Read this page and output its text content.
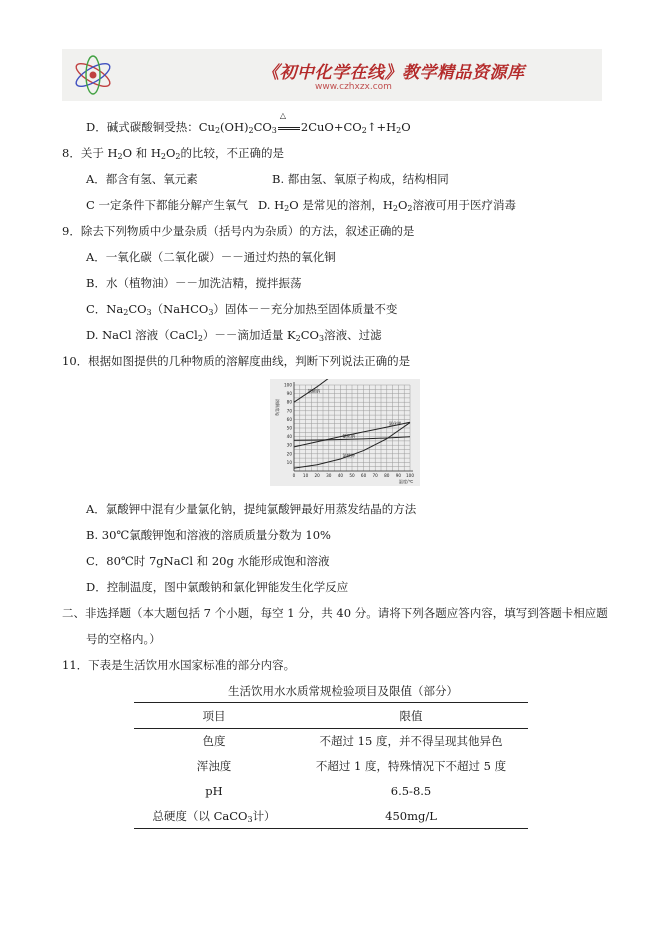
《初中化学在线》教学精品资源库
www.czhxzx.com
D．碱式碳酸铜受热：$Cu_2(OH)_2CO_3$
△
$2CuO+CO_2↑+H_2O$
8．关于 $H_2O$ 和 $H_2O_2$的比较，不正确的是
A．都含有氢、氧元素	B. 都由氢、氧原子构成，结构相同
C 一定条件下都能分解产生氧气 D. $H_2O$ 是常见的溶剂，$H_2O_2$溶液可用于医疗消毒
9．除去下列物质中少量杂质（括号内为杂质）的方法，叙述正确的是
A．一氧化碳（二氧化碳）－－通过灼热的氧化铜
B．水（植物油）－－加洗洁精，搅拌振荡
C．$Na_2CO_3(NaHCO_3)$固体－－充分加热至固体质量不变
D. NaCl 溶液（CaCl$_2$）－－滴加适量 $K_2CO_3$溶液、过滤
10．根据如图提供的几种物质的溶解度曲线，判断下列说法正确的是
0 10 20 30 40 50 60 70 80 90 100
10
20
30
40
50
60
70
80
90
100
温度/℃
溶解度/g
氯酸钠
氯化钾
氯化钠
氯酸钾
A．氯酸钾中混有少量氯化钠，提纯氯酸钾最好用蒸发结晶的方法
B. 30℃氯酸钾饱和溶液的溶质质量分数为 10%
C．80℃时 7gNaCl 和 20g 水能形成饱和溶液
D．控制温度，图中氯酸钠和氯化钾能发生化学反应
二、非选择题（本大题包括 7 个小题，每空 1 分，共 40 分。请将下列各题应答内容，填写到答题卡相应题
号的空格内。）
11．下表是生活饮用水国家标准的部分内容。
生活饮用水水质常规检验项目及限值（部分）
项目	限值
色度	不超过 15 度，并不得呈现其他异色
浑浊度	不超过 1 度，特殊情况下不超过 5 度
pH	6.5-8.5
总硬度（以 CaCO$_3$计）	450mg/L
